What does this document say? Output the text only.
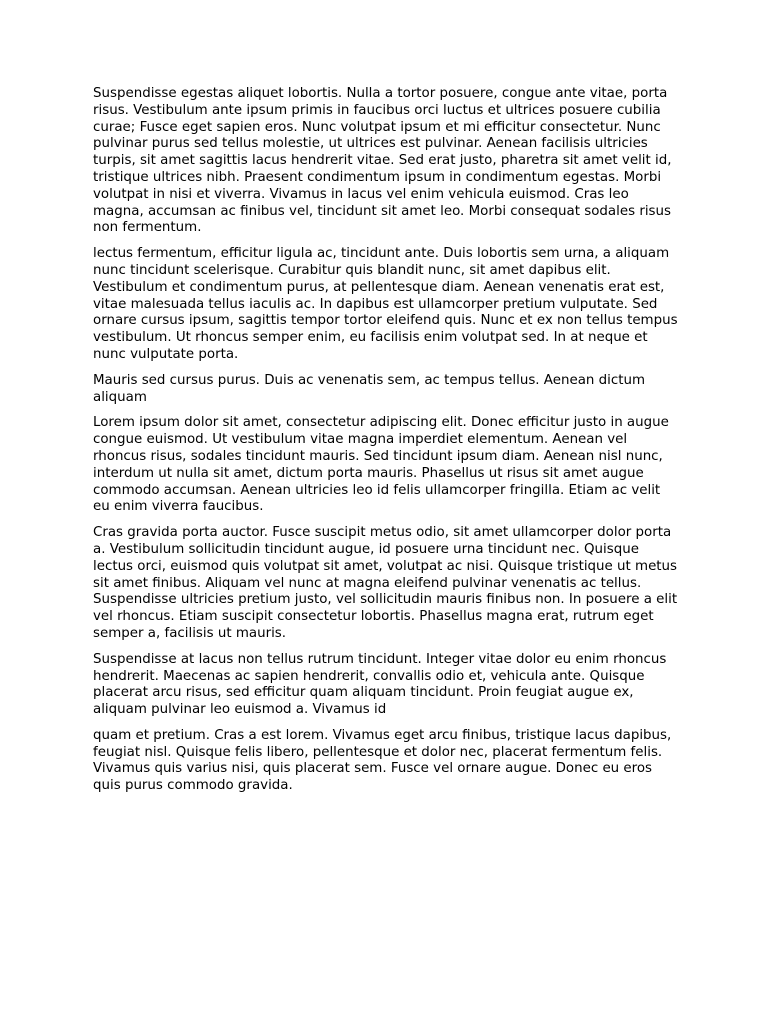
Suspendisse egestas aliquet lobortis. Nulla a tortor posuere, congue ante vitae, porta risus. Vestibulum ante ipsum primis in faucibus orci luctus et ultrices posuere cubilia curae; Fusce eget sapien eros. Nunc volutpat ipsum et mi efficitur consectetur. Nunc pulvinar purus sed tellus molestie, ut ultrices est pulvinar. Aenean facilisis ultricies turpis, sit amet sagittis lacus hendrerit vitae. Sed erat justo, pharetra sit amet velit id, tristique ultrices nibh. Praesent condimentum ipsum in condimentum egestas. Morbi volutpat in nisi et viverra. Vivamus in lacus vel enim vehicula euismod. Cras leo magna, accumsan ac finibus vel, tincidunt sit amet leo. Morbi consequat sodales risus non fermentum.

lectus fermentum, efficitur ligula ac, tincidunt ante. Duis lobortis sem urna, a aliquam nunc tincidunt scelerisque. Curabitur quis blandit nunc, sit amet dapibus elit. Vestibulum et condimentum purus, at pellentesque diam. Aenean venenatis erat est, vitae malesuada tellus iaculis ac. In dapibus est ullamcorper pretium vulputate. Sed ornare cursus ipsum, sagittis tempor tortor eleifend quis. Nunc et ex non tellus tempus vestibulum. Ut rhoncus semper enim, eu facilisis enim volutpat sed. In at neque et nunc vulputate porta.

Mauris sed cursus purus. Duis ac venenatis sem, ac tempus tellus. Aenean dictum aliquam

Lorem ipsum dolor sit amet, consectetur adipiscing elit. Donec efficitur justo in augue congue euismod. Ut vestibulum vitae magna imperdiet elementum. Aenean vel rhoncus risus, sodales tincidunt mauris. Sed tincidunt ipsum diam. Aenean nisl nunc, interdum ut nulla sit amet, dictum porta mauris. Phasellus ut risus sit amet augue commodo accumsan. Aenean ultricies leo id felis ullamcorper fringilla. Etiam ac velit eu enim viverra faucibus.

Cras gravida porta auctor. Fusce suscipit metus odio, sit amet ullamcorper dolor porta a. Vestibulum sollicitudin tincidunt augue, id posuere urna tincidunt nec. Quisque lectus orci, euismod quis volutpat sit amet, volutpat ac nisi. Quisque tristique ut metus sit amet finibus. Aliquam vel nunc at magna eleifend pulvinar venenatis ac tellus. Suspendisse ultricies pretium justo, vel sollicitudin mauris finibus non. In posuere a elit vel rhoncus. Etiam suscipit consectetur lobortis. Phasellus magna erat, rutrum eget semper a, facilisis ut mauris.

Suspendisse at lacus non tellus rutrum tincidunt. Integer vitae dolor eu enim rhoncus hendrerit. Maecenas ac sapien hendrerit, convallis odio et, vehicula ante. Quisque placerat arcu risus, sed efficitur quam aliquam tincidunt. Proin feugiat augue ex, aliquam pulvinar leo euismod a. Vivamus id

quam et pretium. Cras a est lorem. Vivamus eget arcu finibus, tristique lacus dapibus, feugiat nisl. Quisque felis libero, pellentesque et dolor nec, placerat fermentum felis. Vivamus quis varius nisi, quis placerat sem. Fusce vel ornare augue. Donec eu eros quis purus commodo gravida.
